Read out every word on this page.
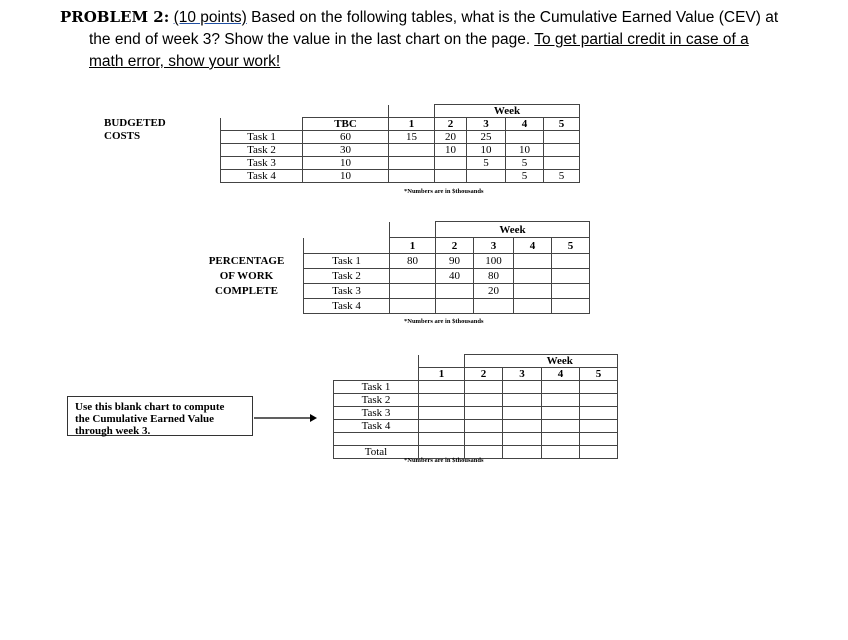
PROBLEM 2: (10 points) Based on the following tables, what is the Cumulative Earned Value (CEV) at

the end of week 3? Show the value in the last chart on the page. To get partial credit in case of a

math error, show your work!

BUDGETED
COSTS
			Week			
	TBC	1	2	3	4	5
Task 1	60	15	20	25		
Task 2	30		10	10	10	
Task 3	10			5	5	
Task 4	10				5	5
*Numbers are in $thousands
PERCENTAGE
OF WORK
COMPLETE
		Week			
	1	2	3	4	5
Task 1	80	90	100		
Task 2		40	80		
Task 3			20		
Task 4					
*Numbers are in $thousands
Use this blank chart to compute
the Cumulative Earned Value
through week 3.
			Week		
	1	2	3	4	5
Task 1					
Task 2					
Task 3					
Task 4					

Total					
*Numbers are in $thousands
